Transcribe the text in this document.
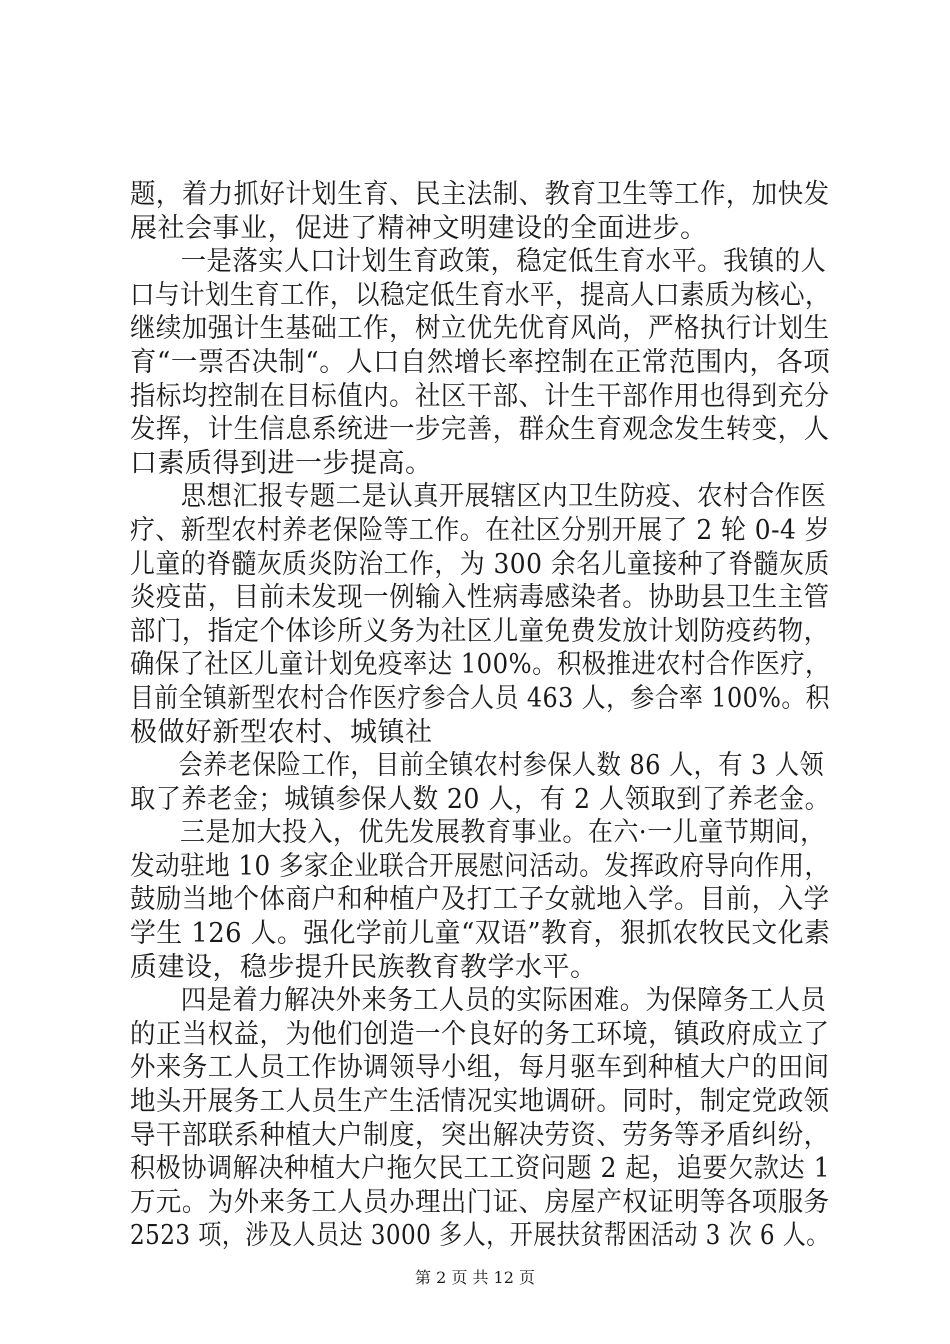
题，着力抓好计划生育、民主法制、教育卫生等工作，加快发
展社会事业，促进了精神文明建设的全面进步。
一是落实人口计划生育政策，稳定低生育水平。我镇的人
口与计划生育工作，以稳定低生育水平，提高人口素质为核心，
继续加强计生基础工作，树立优先优育风尚，严格执行计划生
育“一票否决制“。人口自然增长率控制在正常范围内，各项
指标均控制在目标值内。社区干部、计生干部作用也得到充分
发挥，计生信息系统进一步完善，群众生育观念发生转变，人
口素质得到进一步提高。
思想汇报专题二是认真开展辖区内卫生防疫、农村合作医
疗、新型农村养老保险等工作。在社区分别开展了 2 轮 0-4 岁
儿童的脊髓灰质炎防治工作，为 300 余名儿童接种了脊髓灰质
炎疫苗，目前未发现一例输入性病毒感染者。协助县卫生主管
部门，指定个体诊所义务为社区儿童免费发放计划防疫药物，
确保了社区儿童计划免疫率达 100%。积极推进农村合作医疗，
目前全镇新型农村合作医疗参合人员 463 人，参合率 100%。积
极做好新型农村、城镇社
会养老保险工作，目前全镇农村参保人数 86 人，有 3 人领
取了养老金；城镇参保人数 20 人，有 2 人领取到了养老金。
三是加大投入，优先发展教育事业。在六·一儿童节期间，
发动驻地 10 多家企业联合开展慰问活动。发挥政府导向作用，
鼓励当地个体商户和种植户及打工子女就地入学。目前，入学
学生 126 人。强化学前儿童“双语”教育，狠抓农牧民文化素
质建设，稳步提升民族教育教学水平。
四是着力解决外来务工人员的实际困难。为保障务工人员
的正当权益，为他们创造一个良好的务工环境，镇政府成立了
外来务工人员工作协调领导小组，每月驱车到种植大户的田间
地头开展务工人员生产生活情况实地调研。同时，制定党政领
导干部联系种植大户制度，突出解决劳资、劳务等矛盾纠纷，
积极协调解决种植大户拖欠民工工资问题 2 起，追要欠款达 1
万元。为外来务工人员办理出门证、房屋产权证明等各项服务
2523 项，涉及人员达 3000 多人，开展扶贫帮困活动 3 次 6 人。
第 2 页 共 12 页
